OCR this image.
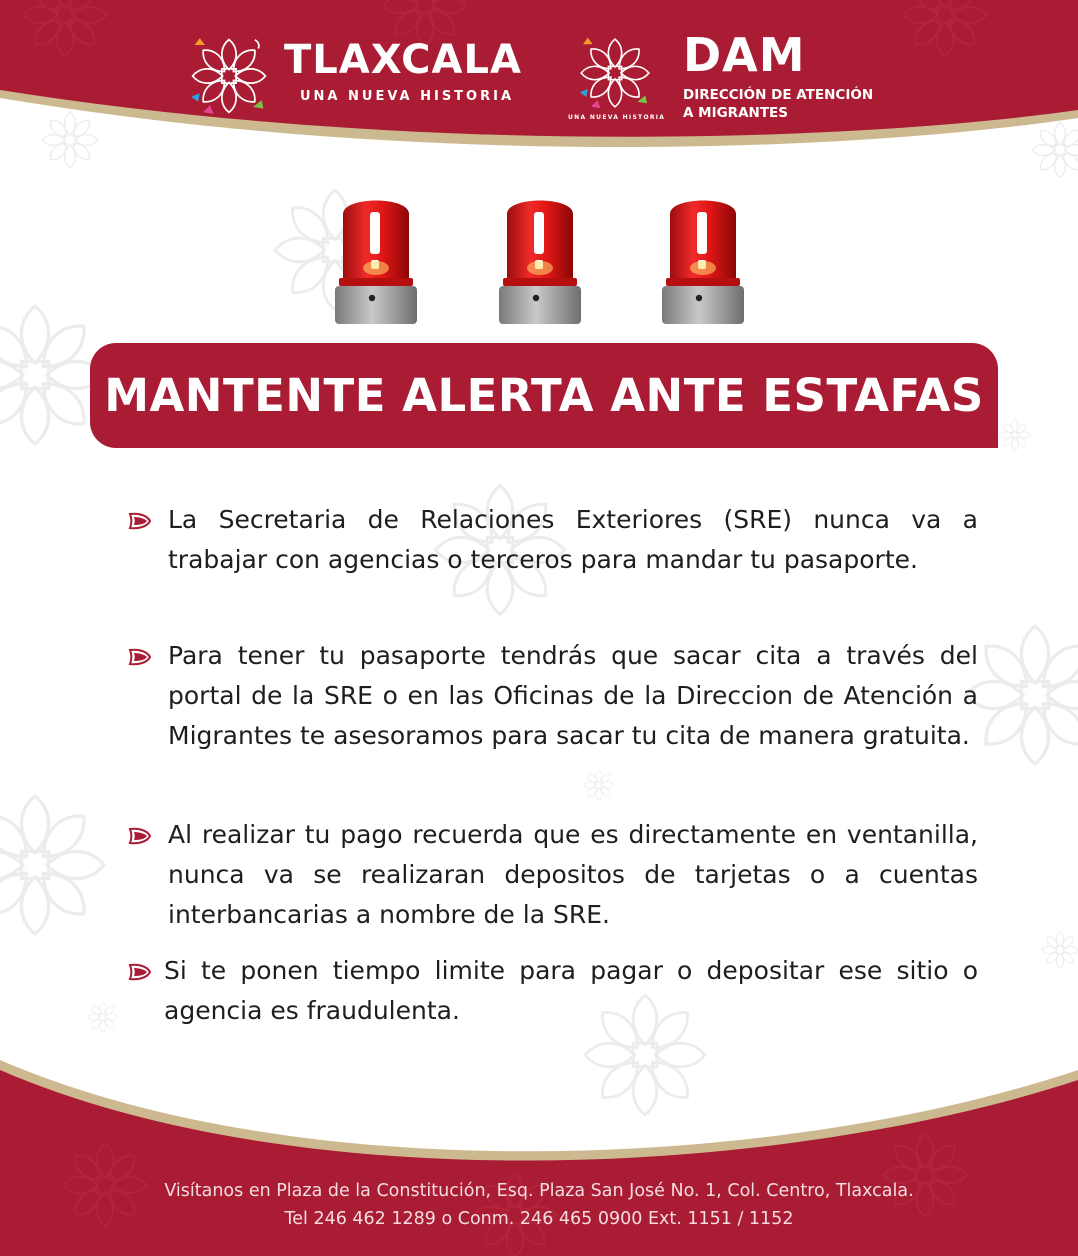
TLAXCALA
UNA NUEVA HISTORIA
UNA NUEVA HISTORIA
DAM
DIRECCIÓN DE ATENCIÓN
A MIGRANTES
MANTENTE ALERTA ANTE ESTAFAS
La Secretaria de Relaciones Exteriores (SRE) nunca va a trabajar con agencias o terceros para mandar tu pasaporte.
Para tener tu pasaporte tendrás que sacar cita a través del portal de la SRE o en las Oficinas de la Direccion de Atención a Migrantes te asesoramos para sacar tu cita de manera gratuita.
Al realizar tu pago recuerda que es directamente en ventanilla, nunca va se realizaran depositos de tarjetas o a cuentas interbancarias a nombre de la SRE.
Si te ponen tiempo limite para pagar o depositar ese sitio o agencia es fraudulenta.
Visítanos en Plaza de la Constitución, Esq. Plaza San José No. 1, Col. Centro, Tlaxcala.
Tel 246 462 1289 o Conm. 246 465 0900 Ext. 1151 / 1152
